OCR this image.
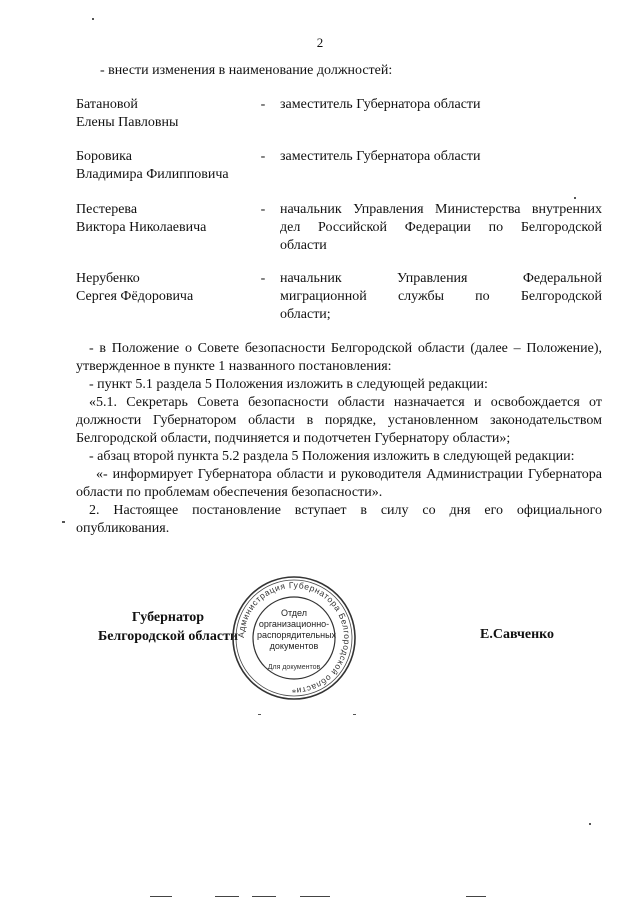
2
- внести изменения в наименование должностей:
Батановой
Елены Павловны
- заместитель Губернатора области
Боровика
Владимира Филипповича
- заместитель Губернатора области
Пестерева
Виктора Николаевича
- начальник Управления Министерства внутренних
дел Российской Федерации по Белгородской
области
Нерубенко
Сергея Фёдоровича
- начальник Управления Федеральной
миграционной службы по Белгородской
области;

- в Положение о Совете безопасности Белгородской области (далее – Положение), утвержденное в пункте 1 названного постановления:

- пункт 5.1 раздела 5 Положения изложить в следующей редакции:

«5.1. Секретарь Совета безопасности области назначается и освобождается от должности Губернатором области в порядке, установленном законодательством Белгородской области, подчиняется и подотчетен Губернатору области»;

- абзац второй пункта 5.2 раздела 5 Положения изложить в следующей редакции:

«- информирует Губернатора области и руководителя Администрации Губернатора области по проблемам обеспечения безопасности».

2. Настоящее постановление вступает в силу со дня его официального опубликования.

Губернатор
Белгородской области	Е.Савченко
Администрация Губернатора Белгородской области
*
Отдел
организационно-
распорядительных
документов
Для документов
